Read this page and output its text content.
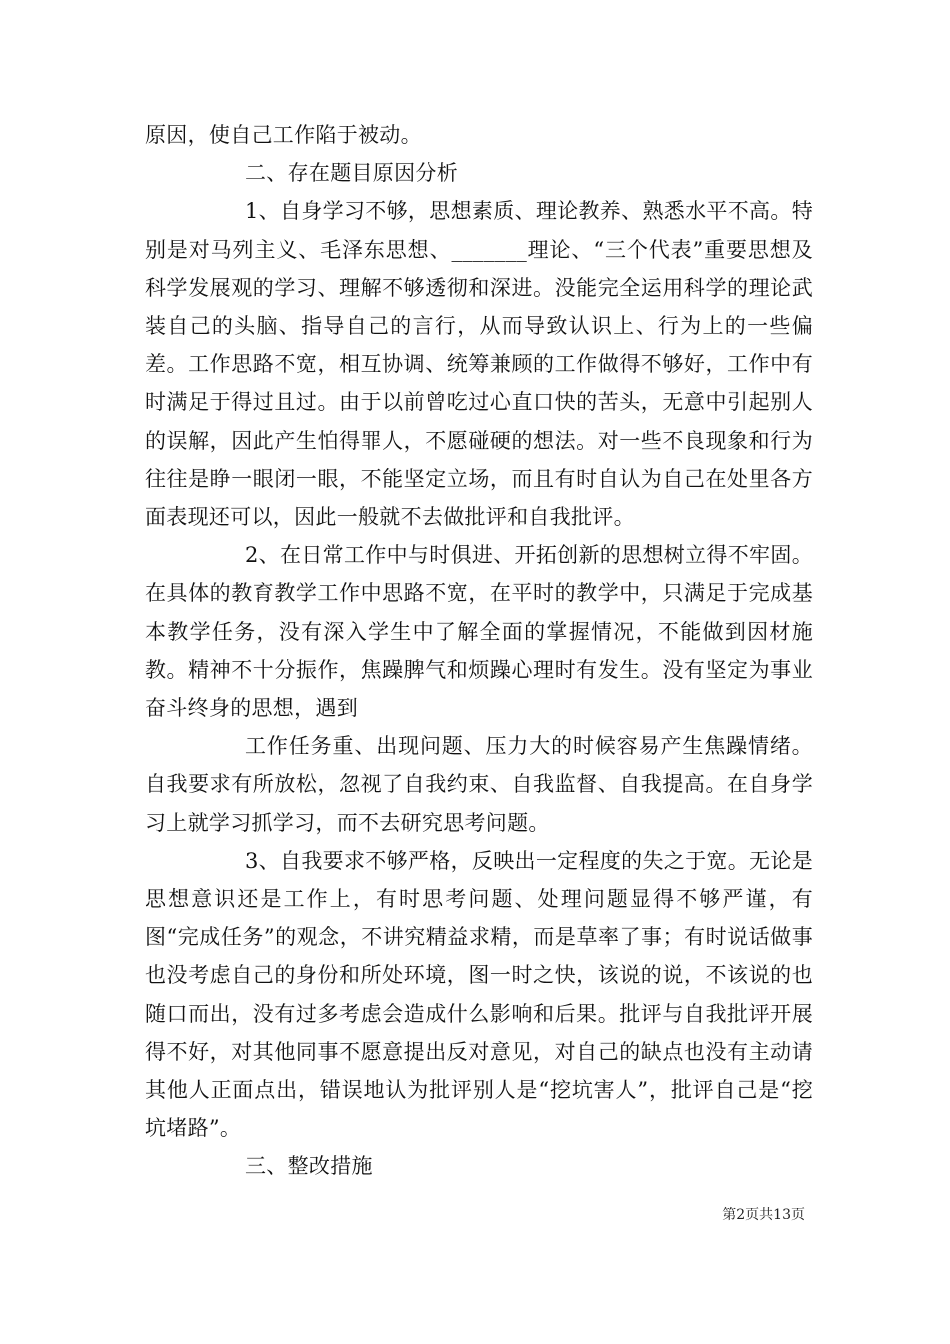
原因，使自己工作陷于被动。

二、存在题目原因分析

1、自身学习不够，思想素质、理论教养、熟悉水平不高。特别是对马列主义、毛泽东思想、_______理论、“三个代表”重要思想及科学发展观的学习、理解不够透彻和深进。没能完全运用科学的理论武装自己的头脑、指导自己的言行，从而导致认识上、行为上的一些偏差。工作思路不宽，相互协调、统筹兼顾的工作做得不够好，工作中有时满足于得过且过。由于以前曾吃过心直口快的苦头，无意中引起别人的误解，因此产生怕得罪人，不愿碰硬的想法。对一些不良现象和行为往往是睁一眼闭一眼，不能坚定立场，而且有时自认为自己在处里各方面表现还可以，因此一般就不去做批评和自我批评。

2、在日常工作中与时俱进、开拓创新的思想树立得不牢固。在具体的教育教学工作中思路不宽，在平时的教学中，只满足于完成基本教学任务，没有深入学生中了解全面的掌握情况，不能做到因材施教。精神不十分振作，焦躁脾气和烦躁心理时有发生。没有坚定为事业奋斗终身的思想，遇到

工作任务重、出现问题、压力大的时候容易产生焦躁情绪。自我要求有所放松，忽视了自我约束、自我监督、自我提高。在自身学习上就学习抓学习，而不去研究思考问题。

3、自我要求不够严格，反映出一定程度的失之于宽。无论是思想意识还是工作上，有时思考问题、处理问题显得不够严谨，有图“完成任务”的观念，不讲究精益求精，而是草率了事；有时说话做事也没考虑自己的身份和所处环境，图一时之快，该说的说，不该说的也随口而出，没有过多考虑会造成什么影响和后果。批评与自我批评开展得不好，对其他同事不愿意提出反对意见，对自己的缺点也没有主动请其他人正面点出，错误地认为批评别人是“挖坑害人”，批评自己是“挖坑堵路”。

三、整改措施

第2页共13页
